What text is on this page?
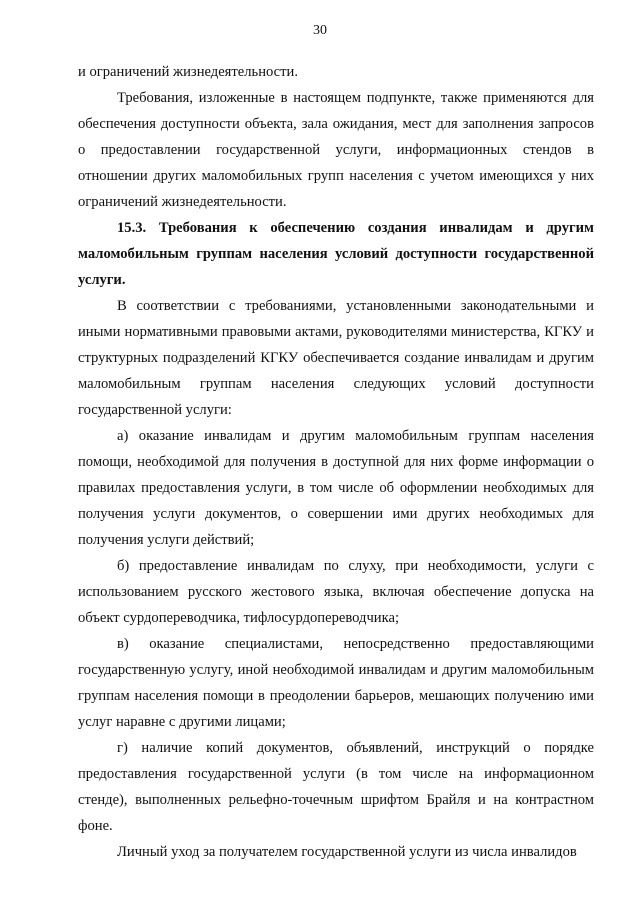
30

и ограничений жизнедеятельности.

Требования, изложенные в настоящем подпункте, также применяются для обеспечения доступности объекта, зала ожидания, мест для заполнения запросов о предоставлении государственной услуги, информационных стендов в отношении других маломобильных групп населения с учетом имеющихся у них ограничений жизнедеятельности.

15.3. Требования к обеспечению создания инвалидам и другим маломобильным группам населения условий доступности государственной услуги.

В соответствии с требованиями, установленными законодательными и иными нормативными правовыми актами, руководителями министерства, КГКУ и структурных подразделений КГКУ обеспечивается создание инвалидам и другим маломобильным группам населения следующих условий доступности государственной услуги:

а) оказание инвалидам и другим маломобильным группам населения помощи, необходимой для получения в доступной для них форме информации о правилах предоставления услуги, в том числе об оформлении необходимых для получения услуги документов, о совершении ими других необходимых для получения услуги действий;

б) предоставление инвалидам по слуху, при необходимости, услуги с использованием русского жестового языка, включая обеспечение допуска на объект сурдопереводчика, тифлосурдопереводчика;

в) оказание специалистами, непосредственно предоставляющими государственную услугу, иной необходимой инвалидам и другим маломобильным группам населения помощи в преодолении барьеров, мешающих получению ими услуг наравне с другими лицами;

г) наличие копий документов, объявлений, инструкций о порядке предоставления государственной услуги (в том числе на информационном стенде), выполненных рельефно-точечным шрифтом Брайля и на контрастном фоне.

Личный уход за получателем государственной услуги из числа инвалидов
